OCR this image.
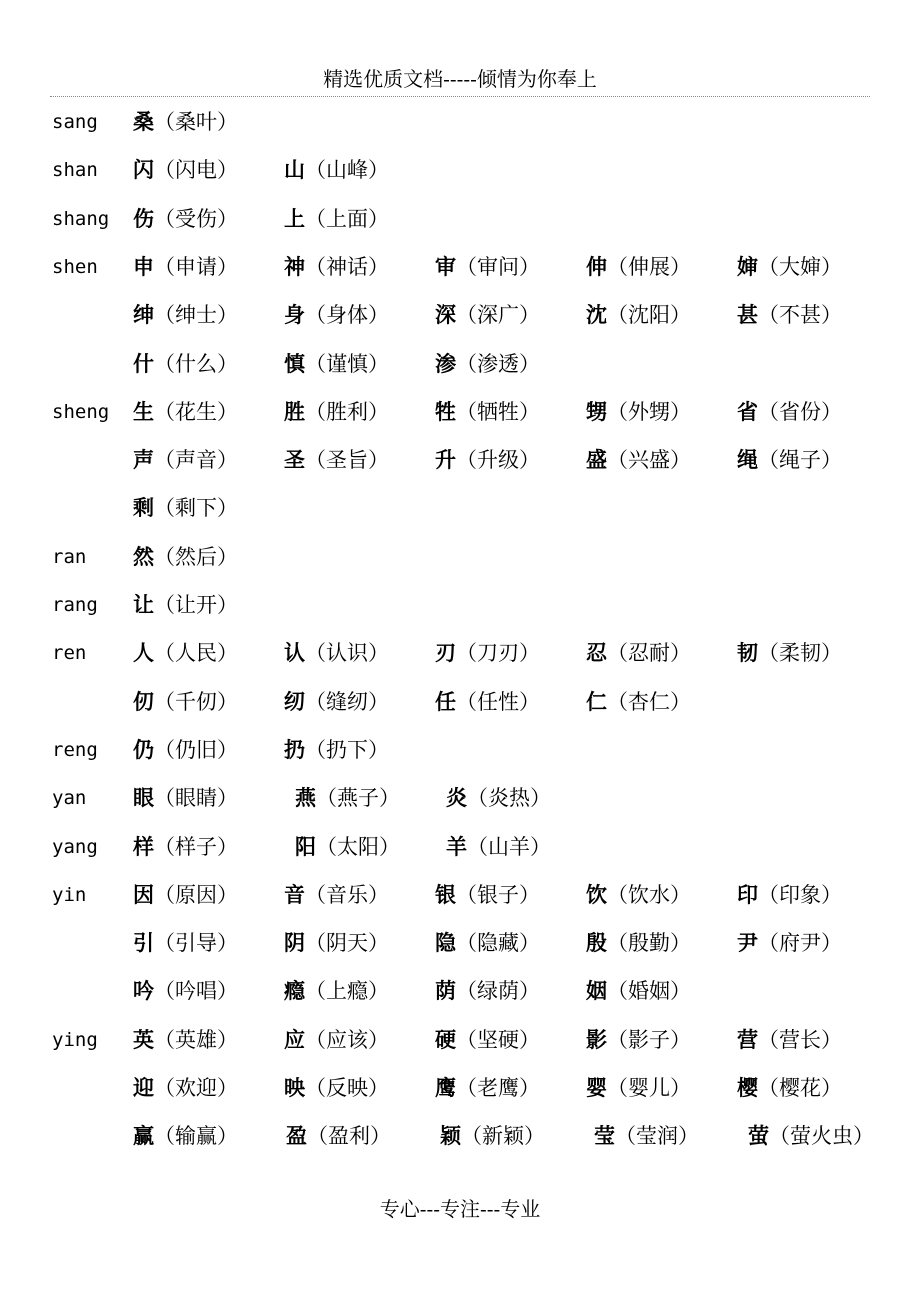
精选优质文档-----倾情为你奉上
sang 桑（桑叶）
shan 闪（闪电） 山（山峰）
shang 伤（受伤） 上（上面）
shen 申（申请） 神（神话） 审（审问） 伸（伸展） 婶（大婶）
绅（绅士） 身（身体） 深（深广） 沈（沈阳） 甚（不甚）
什（什么） 慎（谨慎） 渗（渗透）
sheng 生（花生） 胜（胜利） 牲（牺牲） 甥（外甥） 省（省份）
声（声音） 圣（圣旨） 升（升级） 盛（兴盛） 绳（绳子）
剩（剩下）
ran 然（然后）
rang 让（让开）
ren 人（人民） 认（认识） 刃（刀刃） 忍（忍耐） 韧（柔韧）
仞（千仞） 纫（缝纫） 任（任性） 仁（杏仁）
reng 仍（仍旧） 扔（扔下）
yan 眼（眼睛）	燕（燕子） 炎（炎热）
yang 样（样子）	阳（太阳） 羊（山羊）
yin 因（原因） 音（音乐） 银（银子） 饮（饮水） 印（印象）
引（引导） 阴（阴天） 隐（隐藏） 殷（殷勤） 尹（府尹）
吟（吟唱） 瘾（上瘾） 荫（绿荫） 姻（婚姻）
ying 英（英雄） 应（应该） 硬（坚硬） 影（影子） 营（营长）
迎（欢迎） 映（反映） 鹰（老鹰） 婴（婴儿） 樱（樱花）
赢（输赢） 盈（盈利） 颖（新颖） 莹（莹润） 萤（萤火虫）
专心---专注---专业
